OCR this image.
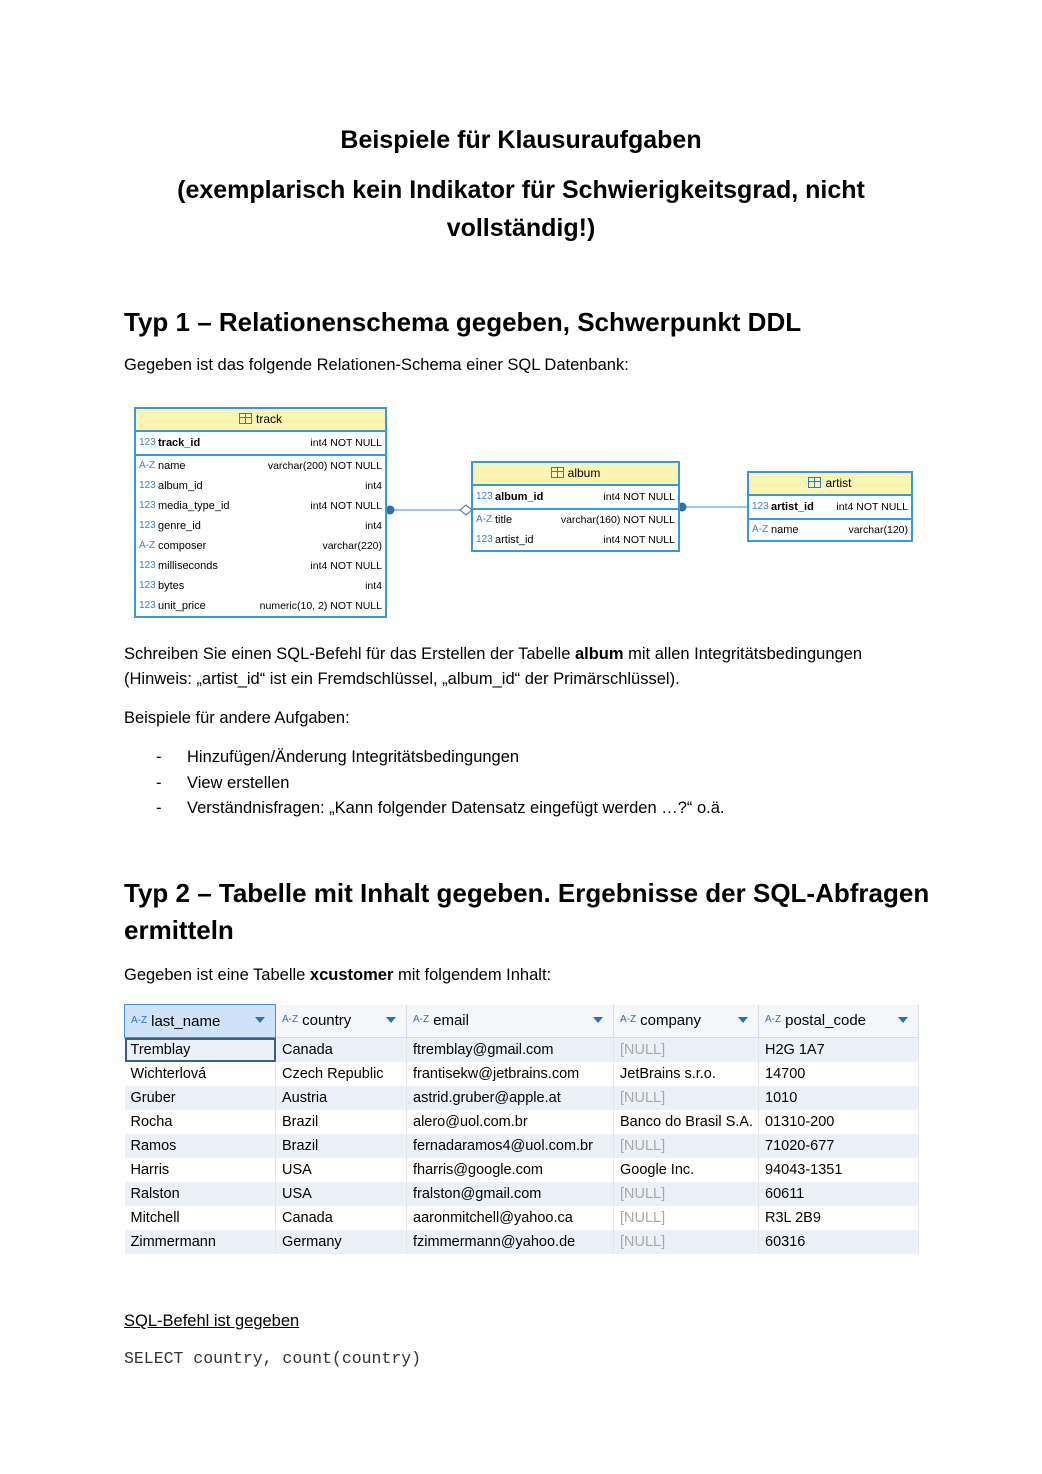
Beispiele für Klausuraufgaben
(exemplarisch kein Indikator für Schwierigkeitsgrad, nicht
vollständig!)
Typ 1 – Relationenschema gegeben, Schwerpunkt DDL

Gegeben ist das folgende Relationen-Schema einer SQL Datenbank:

track
123 track_id	int4 NOT NULL
A-Z name	varchar(200) NOT NULL
123 album_id	int4
123 media_type_id	int4 NOT NULL
123 genre_id	int4
A-Z composer	varchar(220)
123 milliseconds	int4 NOT NULL
123 bytes	int4
123 unit_price	numeric(10, 2) NOT NULL
album
123 album_id	int4 NOT NULL
A-Z title	varchar(160) NOT NULL
123 artist_id	int4 NOT NULL
artist
123 artist_id int4 NOT NULL
A-Z name	varchar(120)

Schreiben Sie einen SQL-Befehl für das Erstellen der Tabelle album mit allen Integritätsbedingungen
(Hinweis: „artist_id“ ist ein Fremdschlüssel, „album_id“ der Primärschlüssel).

Beispiele für andere Aufgaben:

- Hinzufügen/Änderung Integritätsbedingungen
- View erstellen
- Verständnisfragen: „Kann folgender Datensatz eingefügt werden …?“ o.ä.
Typ 2 – Tabelle mit Inhalt gegeben. Ergebnisse der SQL-Abfragen
ermitteln

Gegeben ist eine Tabelle xcustomer mit folgendem Inhalt:

$^{A-Z}$ last_name	$^{A-Z}$ country	$^{A-Z}$ email	$^{A-Z}$ company	$^{A-Z}$ postal_code

Tremblay	Canada	ftremblay@gmail.com	[NULL]	H2G 1A7
Wichterlová	Czech Republic	frantisekw@jetbrains.com	JetBrains s.r.o.	14700
Gruber	Austria	astrid.gruber@apple.at	[NULL]	1010
Rocha	Brazil	alero@uol.com.br	Banco do Brasil S.A.	01310-200
Ramos	Brazil	fernadaramos4@uol.com.br	[NULL]	71020-677
Harris	USA	fharris@google.com	Google Inc.	94043-1351
Ralston	USA	fralston@gmail.com	[NULL]	60611
Mitchell	Canada	aaronmitchell@yahoo.ca	[NULL]	R3L 2B9
Zimmermann	Germany	fzimmermann@yahoo.de	[NULL]	60316

SQL-Befehl ist gegeben

SELECT country, count(country)
